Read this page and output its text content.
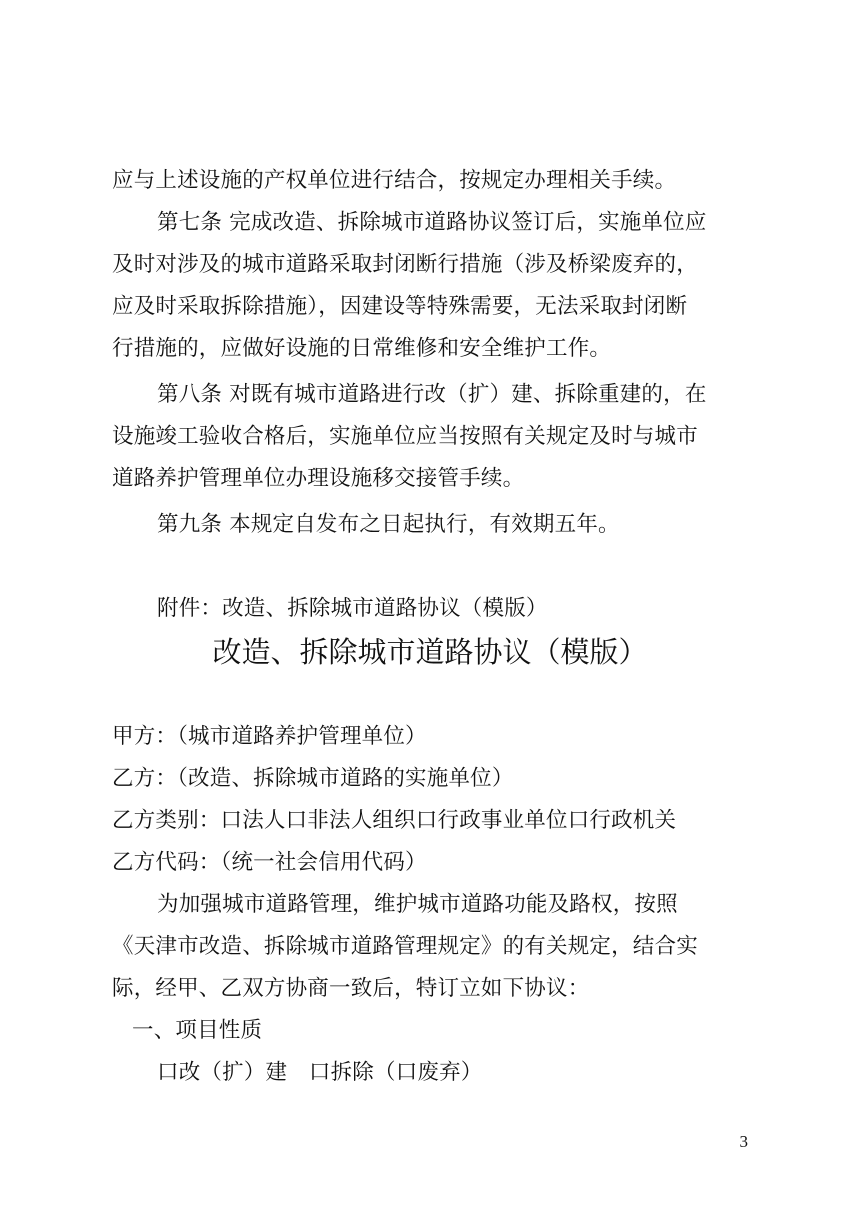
应与上述设施的产权单位进行结合，按规定办理相关手续。
第七条 完成改造、拆除城市道路协议签订后，实施单位应
及时对涉及的城市道路采取封闭断行措施（涉及桥梁废弃的，
应及时采取拆除措施），因建设等特殊需要，无法采取封闭断
行措施的，应做好设施的日常维修和安全维护工作。
第八条 对既有城市道路进行改（扩）建、拆除重建的，在
设施竣工验收合格后，实施单位应当按照有关规定及时与城市
道路养护管理单位办理设施移交接管手续。
第九条 本规定自发布之日起执行，有效期五年。
附件：改造、拆除城市道路协议（模版）
改造、拆除城市道路协议（模版）
甲方：（城市道路养护管理单位）
乙方：（改造、拆除城市道路的实施单位）
乙方类别：口法人口非法人组织口行政事业单位口行政机关
乙方代码：（统一社会信用代码）
为加强城市道路管理，维护城市道路功能及路权，按照
《天津市改造、拆除城市道路管理规定》的有关规定，结合实
际，经甲、乙双方协商一致后，特订立如下协议：
一、项目性质
口改（扩）建　口拆除（口废弃）
3
